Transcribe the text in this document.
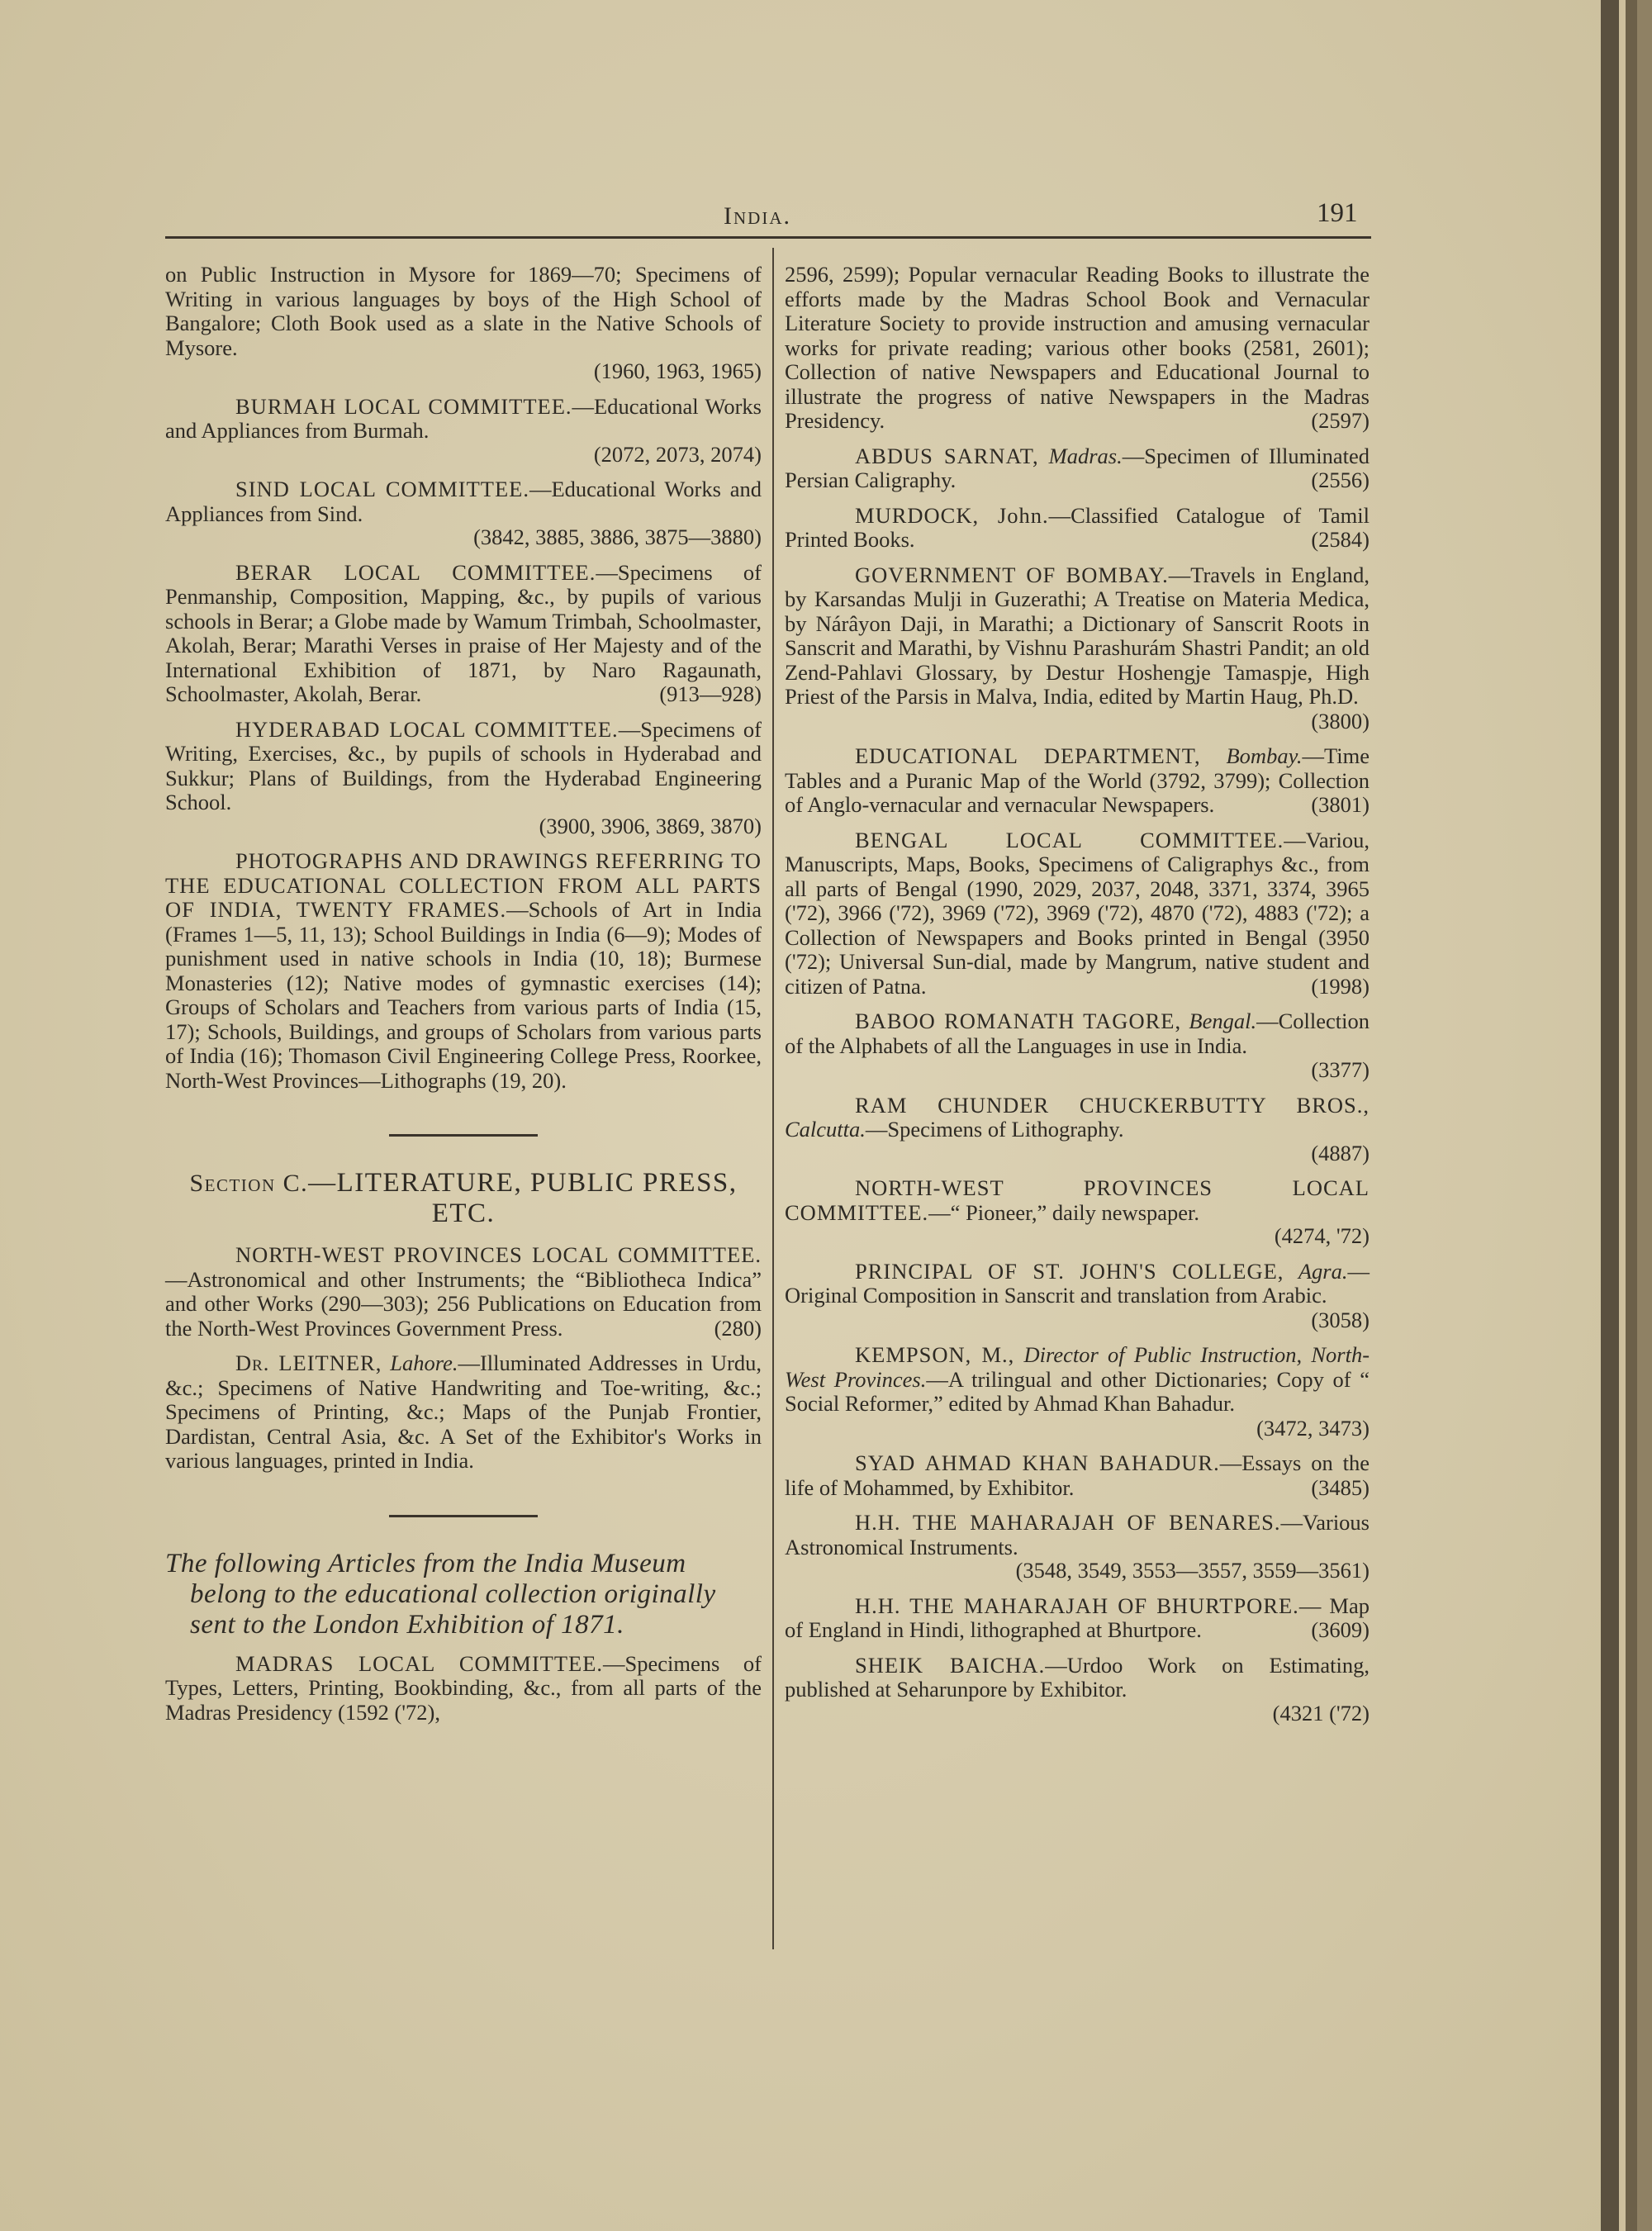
India.	191

on Public Instruction in Mysore for 1869—70; Specimens of Writing in various languages by boys of the High School of Bangalore; Cloth Book used as a slate in the Native Schools of Mysore.
(1960, 1963, 1965)

BURMAH LOCAL COMMITTEE.—Educational Works and Appliances from Burmah.
(2072, 2073, 2074)

SIND LOCAL COMMITTEE.—Educational Works and Appliances from Sind.
(3842, 3885, 3886, 3875—3880)

BERAR LOCAL COMMITTEE.—Specimens of Penmanship, Composition, Mapping, &c., by pupils of various schools in Berar; a Globe made by Wamum Trimbah, Schoolmaster, Akolah, Berar; Marathi Verses in praise of Her Majesty and of the International Exhibition of 1871, by Naro Ragaunath, Schoolmaster, Akolah, Berar.	(913—928)

HYDERABAD LOCAL COMMITTEE.—Specimens of Writing, Exercises, &c., by pupils of schools in Hyderabad and Sukkur; Plans of Buildings, from the Hyderabad Engineering School.
(3900, 3906, 3869, 3870)

PHOTOGRAPHS AND DRAWINGS REFERRING TO THE EDUCATIONAL COLLECTION FROM ALL PARTS OF INDIA, TWENTY FRAMES.—Schools of Art in India (Frames 1—5, 11, 13); School Buildings in India (6—9); Modes of punishment used in native schools in India (10, 18); Burmese Monasteries (12); Native modes of gymnastic exercises (14); Groups of Scholars and Teachers from various parts of India (15, 17); Schools, Buildings, and groups of Scholars from various parts of India (16); Thomason Civil Engineering College Press, Roorkee, North-West Provinces—Lithographs (19, 20).

Section C.—LITERATURE, PUBLIC PRESS, ETC.

NORTH-WEST PROVINCES LOCAL COMMITTEE.—Astronomical and other Instruments; the “Bibliotheca Indica” and other Works (290—303); 256 Publications on Education from the North-West Provinces Government Press.	(280)

Dr. LEITNER, Lahore.—Illuminated Addresses in Urdu, &c.; Specimens of Native Handwriting and Toe-writing, &c.; Specimens of Printing, &c.; Maps of the Punjab Frontier, Dardistan, Central Asia, &c. A Set of the Exhibitor's Works in various languages, printed in India.

The following Articles from the India Museum belong to the educational collection originally sent to the London Exhibition of 1871.

MADRAS LOCAL COMMITTEE.—Specimens of Types, Letters, Printing, Bookbinding, &c., from all parts of the Madras Presidency (1592 ('72),

2596, 2599); Popular vernacular Reading Books to illustrate the efforts made by the Madras School Book and Vernacular Literature Society to provide instruction and amusing vernacular works for private reading; various other books (2581, 2601); Collection of native Newspapers and Educational Journal to illustrate the progress of native Newspapers in the Madras Presidency.	(2597)

ABDUS SARNAT, Madras.—Specimen of Illuminated Persian Caligraphy.	(2556)

MURDOCK, John.—Classified Catalogue of Tamil Printed Books.	(2584)

GOVERNMENT OF BOMBAY.—Travels in England, by Karsandas Mulji in Guzerathi; A Treatise on Materia Medica, by Nárâyon Daji, in Marathi; a Dictionary of Sanscrit Roots in Sanscrit and Marathi, by Vishnu Parashurám Shastri Pandit; an old Zend-Pahlavi Glossary, by Destur Hoshengje Tamaspje, High Priest of the Parsis in Malva, India, edited by Martin Haug, Ph.D.
(3800)

EDUCATIONAL DEPARTMENT, Bombay.—Time Tables and a Puranic Map of the World (3792, 3799); Collection of Anglo-vernacular and vernacular Newspapers.	(3801)

BENGAL LOCAL COMMITTEE.—Variou, Manuscripts, Maps, Books, Specimens of Caligraphys &c., from all parts of Bengal (1990, 2029, 2037, 2048, 3371, 3374, 3965 ('72), 3966 ('72), 3969 ('72), 3969 ('72), 4870 ('72), 4883 ('72); a Collection of Newspapers and Books printed in Bengal (3950 ('72); Universal Sun-dial, made by Mangrum, native student and citizen of Patna.	(1998)

BABOO ROMANATH TAGORE, Bengal.—Collection of the Alphabets of all the Languages in use in India.
(3377)

RAM CHUNDER CHUCKERBUTTY BROS., Calcutta.—Specimens of Lithography.
(4887)

NORTH-WEST PROVINCES LOCAL COMMITTEE.—“ Pioneer,” daily newspaper.
(4274, '72)

PRINCIPAL OF ST. JOHN'S COLLEGE, Agra.—Original Composition in Sanscrit and translation from Arabic.
(3058)

KEMPSON, M., Director of Public Instruction, North-West Provinces.—A trilingual and other Dictionaries; Copy of “ Social Reformer,” edited by Ahmad Khan Bahadur.
(3472, 3473)

SYAD AHMAD KHAN BAHADUR.—Essays on the life of Mohammed, by Exhibitor.	(3485)

H.H. THE MAHARAJAH OF BENARES.—Various Astronomical Instruments.
(3548, 3549, 3553—3557, 3559—3561)

H.H. THE MAHARAJAH OF BHURTPORE.— Map of England in Hindi, lithographed at Bhurtpore.	(3609)

SHEIK BAICHA.—Urdoo Work on Estimating, published at Seharunpore by Exhibitor.
(4321 ('72)
